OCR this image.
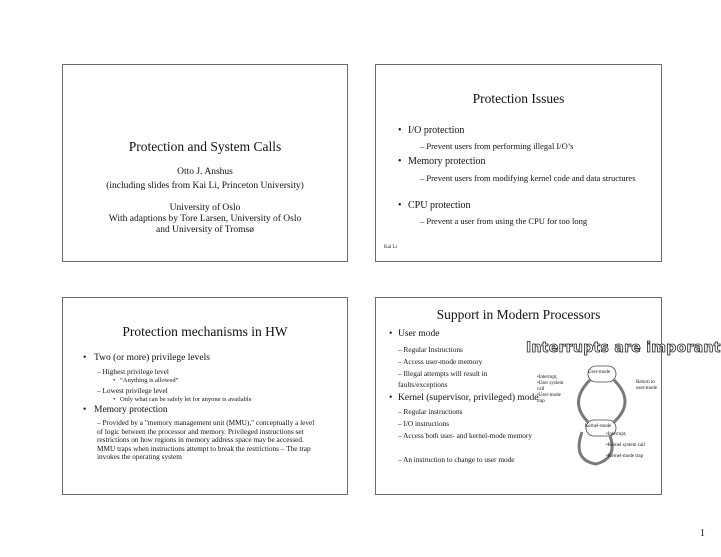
Protection and System Calls
Otto J. Anshus
(including slides from Kai Li, Princeton University)
University of Oslo
With adaptions by Tore Larsen, University of Oslo and University of Tromsø
Protection Issues
• I/O protection
– Prevent users from performing illegal I/O’s
• Memory protection
– Prevent users from modifying kernel code and data structures
• CPU protection
– Prevent a user from using the CPU for too long
Kai Li
Protection mechanisms in HW
• Two (or more) privilege levels
– Highest privilege level
• “Anything is allowed”
– Lowest privilege level
• Only what can be safely let for anyone is available
• Memory protection
– Provided by a "memory management unit (MMU)," conceptually a level of logic between the processor and memory. Privileged instructions set restrictions on how regions in memory address space may be accessed. MMU traps when instructions attempt to break the restrictions – The trap invokes the operating system
Support in Modern Processors
Interrupts are imporant
• User mode
– Regular Instructions
– Access user-mode memory
– Illegal attempts will result in faults/exceptions
• Kernel (supervisor, privileged) mode
– Regular instructions
– I/O instructions
– Access both user- and kernel-mode memory
– An instruction to change to user mode
User-mode
Kernel-mode
•Interrupt,
•User system call
•User-mode trap
Return to user-mode
•Interrupt,
•Kernel system call
•Kernel-mode trap
1
